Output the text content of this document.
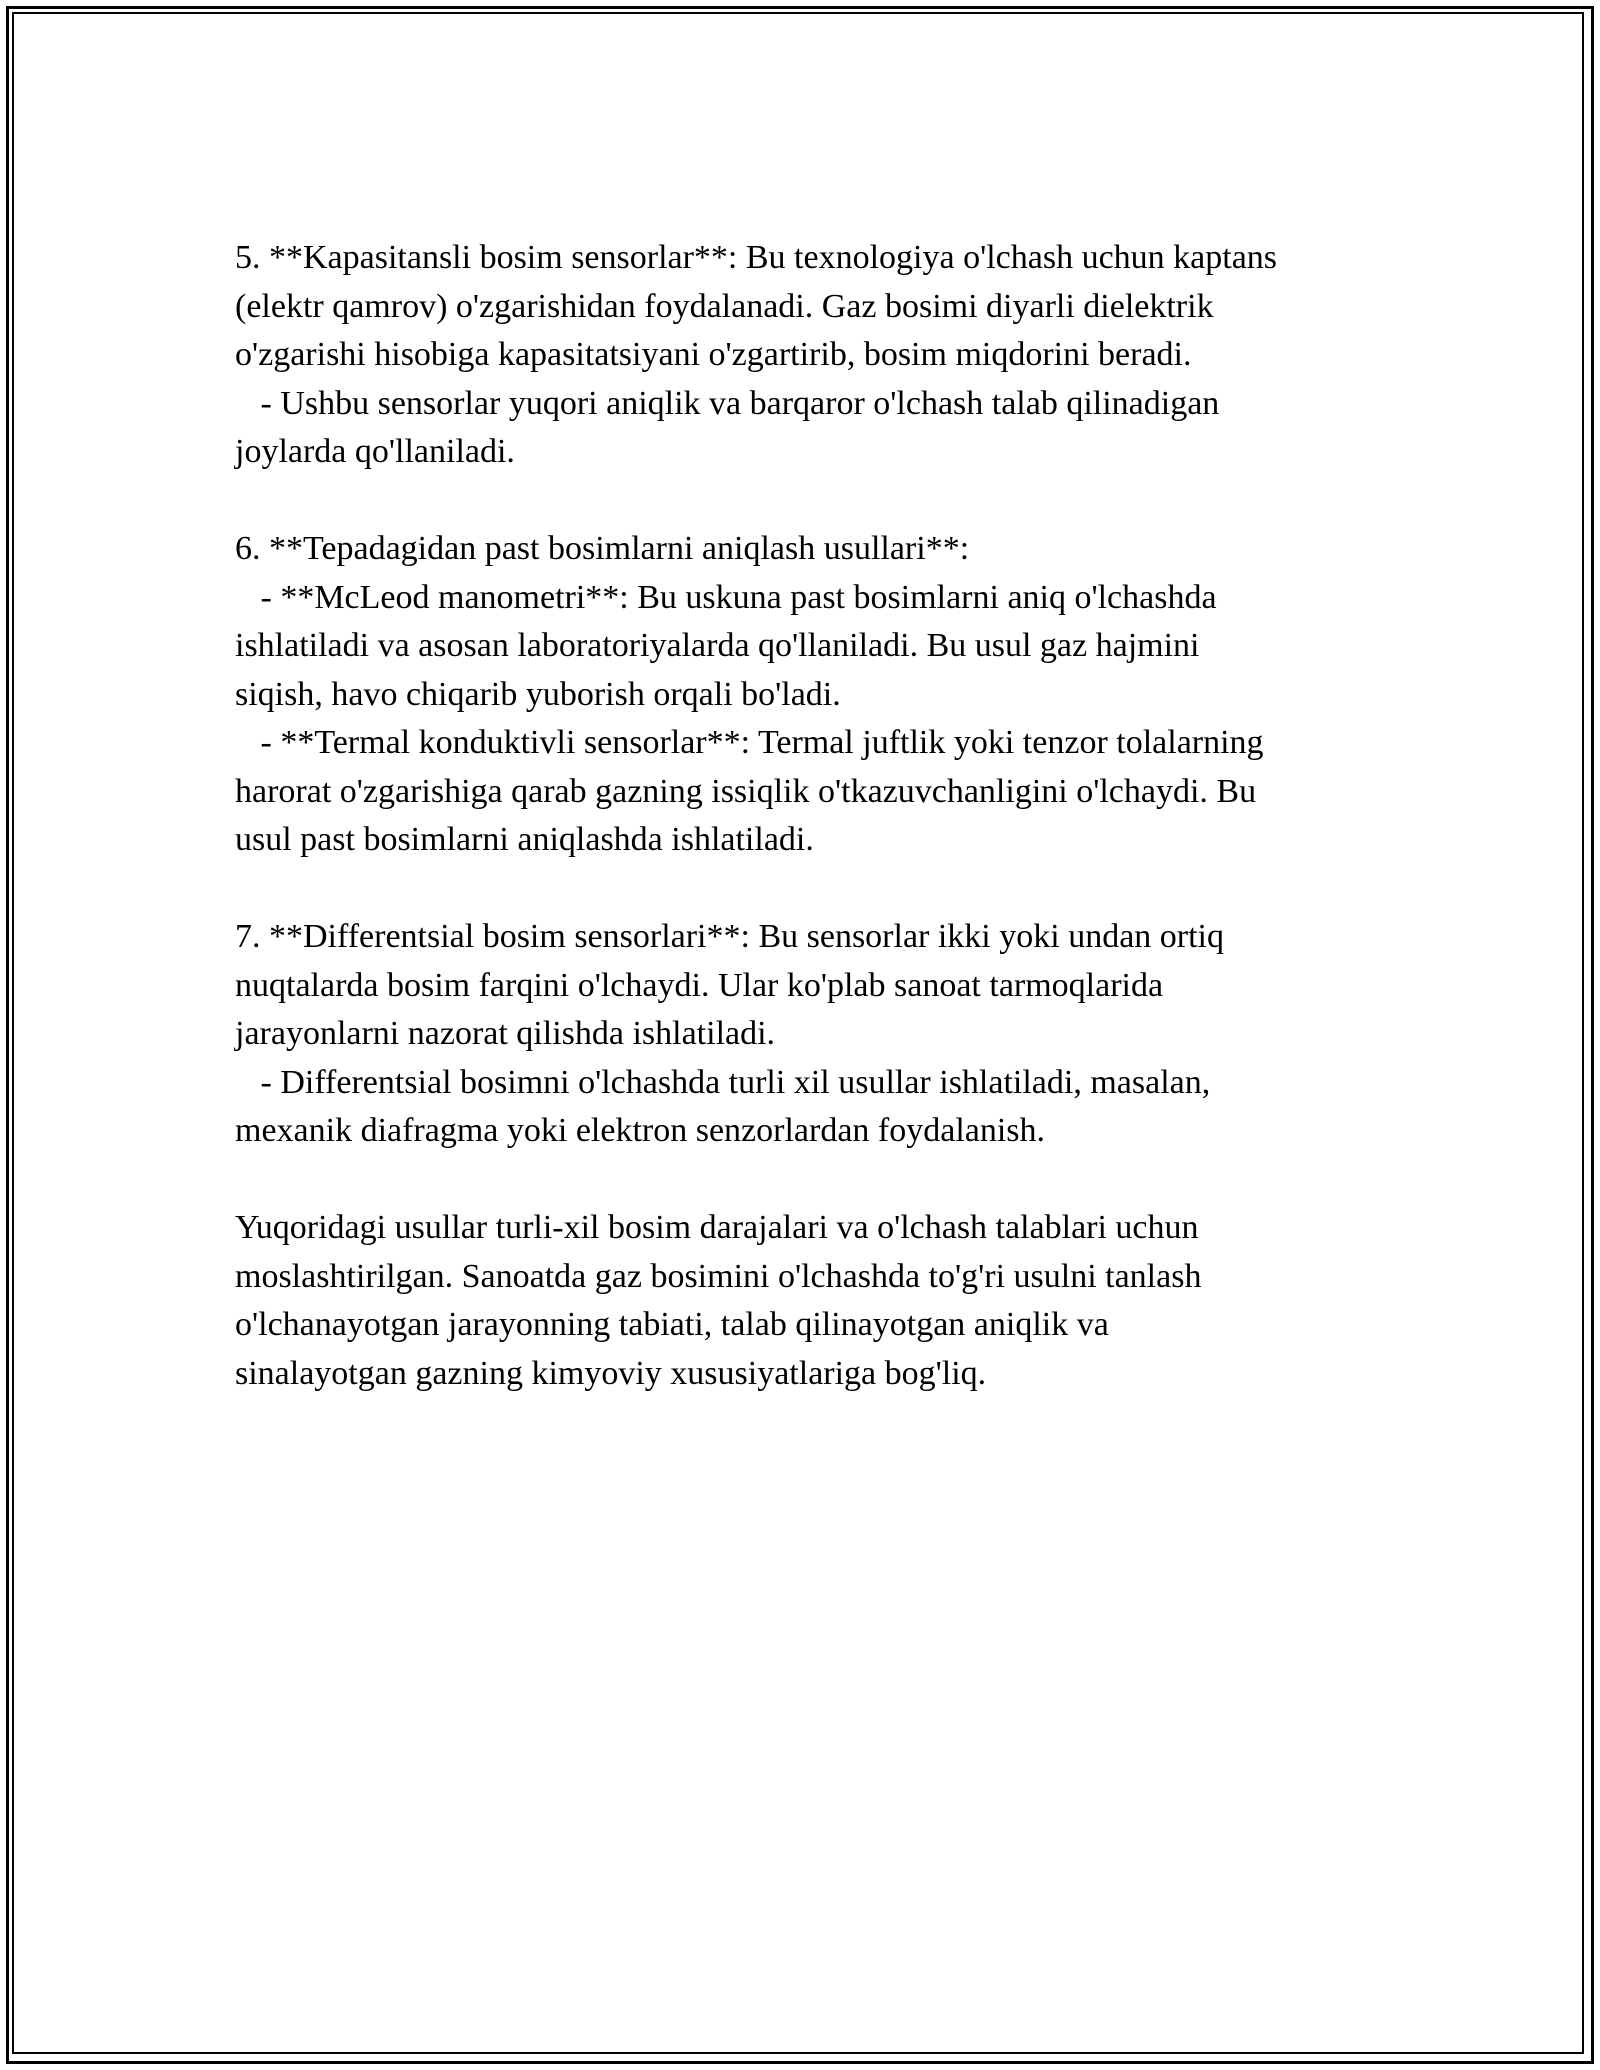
5. **Kapasitansli bosim sensorlar**: Bu texnologiya o'lchash uchun kaptans
(elektr qamrov) o'zgarishidan foydalanadi. Gaz bosimi diyarli dielektrik
o'zgarishi hisobiga kapasitatsiyani o'zgartirib, bosim miqdorini beradi.
- Ushbu sensorlar yuqori aniqlik va barqaror o'lchash talab qilinadigan
joylarda qo'llaniladi.
6. **Tepadagidan past bosimlarni aniqlash usullari**:
- **McLeod manometri**: Bu uskuna past bosimlarni aniq o'lchashda
ishlatiladi va asosan laboratoriyalarda qo'llaniladi. Bu usul gaz hajmini
siqish, havo chiqarib yuborish orqali bo'ladi.
- **Termal konduktivli sensorlar**: Termal juftlik yoki tenzor tolalarning
harorat o'zgarishiga qarab gazning issiqlik o'tkazuvchanligini o'lchaydi. Bu
usul past bosimlarni aniqlashda ishlatiladi.
7. **Differentsial bosim sensorlari**: Bu sensorlar ikki yoki undan ortiq
nuqtalarda bosim farqini o'lchaydi. Ular ko'plab sanoat tarmoqlarida
jarayonlarni nazorat qilishda ishlatiladi.
- Differentsial bosimni o'lchashda turli xil usullar ishlatiladi, masalan,
mexanik diafragma yoki elektron senzorlardan foydalanish.
Yuqoridagi usullar turli-xil bosim darajalari va o'lchash talablari uchun
moslashtirilgan. Sanoatda gaz bosimini o'lchashda to'g'ri usulni tanlash
o'lchanayotgan jarayonning tabiati, talab qilinayotgan aniqlik va
sinalayotgan gazning kimyoviy xususiyatlariga bog'liq.
